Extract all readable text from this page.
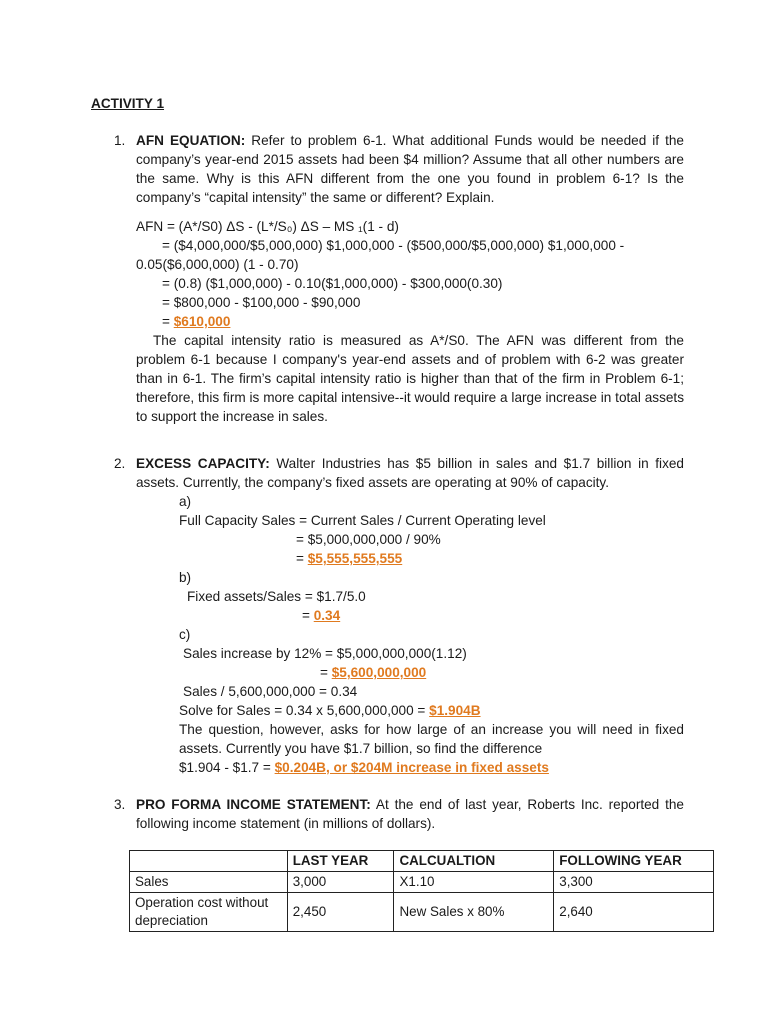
ACTIVITY 1
1. AFN EQUATION: Refer to problem 6-1. What additional Funds would be needed if the company’s year-end 2015 assets had been $4 million? Assume that all other numbers are the same. Why is this AFN different from the one you found in problem 6-1? Is the company’s “capital intensity” the same or different? Explain.
AFN = (A*/S0) ΔS - (L*/S₀) ΔS – MS ₁(1 - d)
= ($4,000,000/$5,000,000) $1,000,000 - ($500,000/$5,000,000) $1,000,000 -
0.05($6,000,000) (1 - 0.70)
= (0.8) ($1,000,000) - 0.10($1,000,000) - $300,000(0.30)
= $800,000 - $100,000 - $90,000
= $610,000
The capital intensity ratio is measured as A*/S0. The AFN was different from the problem 6-1 because I company's year-end assets and of problem with 6-2 was greater than in 6-1. The firm’s capital intensity ratio is higher than that of the firm in Problem 6-1; therefore, this firm is more capital intensive--it would require a large increase in total assets to support the increase in sales.
2. EXCESS CAPACITY: Walter Industries has $5 billion in sales and $1.7 billion in fixed assets. Currently, the company’s fixed assets are operating at 90% of capacity.
a)
Full Capacity Sales = Current Sales / Current Operating level
= $5,000,000,000 / 90%
= $5,555,555,555
b)
Fixed assets/Sales = $1.7/5.0
= 0.34
c)
Sales increase by 12% = $5,000,000,000(1.12)
= $5,600,000,000
Sales / 5,600,000,000 = 0.34
Solve for Sales = 0.34 x 5,600,000,000 = $1.904B
The question, however, asks for how large of an increase you will need in fixed assets. Currently you have $1.7 billion, so find the difference
$1.904 - $1.7 = $0.204B, or $204M increase in fixed assets
3. PRO FORMA INCOME STATEMENT: At the end of last year, Roberts Inc. reported the following income statement (in millions of dollars).
	LAST YEAR	CALCUALTION	FOLLOWING YEAR
Sales	3,000	X1.10	3,300
Operation cost without depreciation	2,450	New Sales x 80%	2,640
